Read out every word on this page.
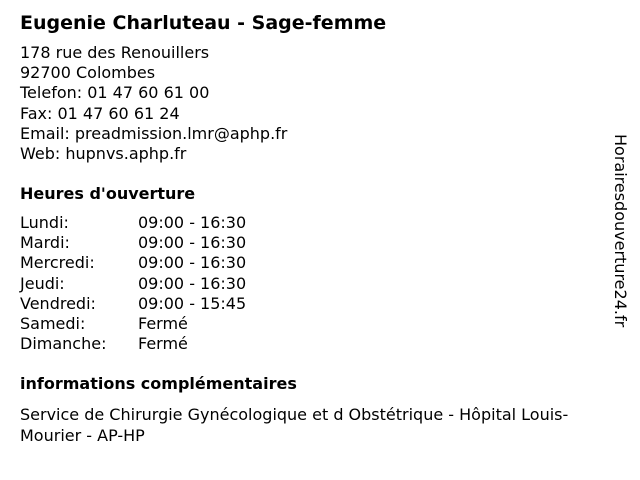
Eugenie Charluteau - Sage-femme
178 rue des Renouillers
92700 Colombes
Telefon: 01 47 60 61 00
Fax: 01 47 60 61 24
Email: preadmission.lmr@aphp.fr
Web: hupnvs.aphp.fr
Heures d'ouverture
Lundi:	09:00 - 16:30
Mardi:	09:00 - 16:30
Mercredi:	09:00 - 16:30
Jeudi:	09:00 - 16:30
Vendredi:	09:00 - 15:45
Samedi:	Fermé
Dimanche:	Fermé
informations complémentaires
Service de Chirurgie Gynécologique et d Obstétrique - Hôpital Louis-Mourier - AP-HP
Horairesdouverture24.fr
